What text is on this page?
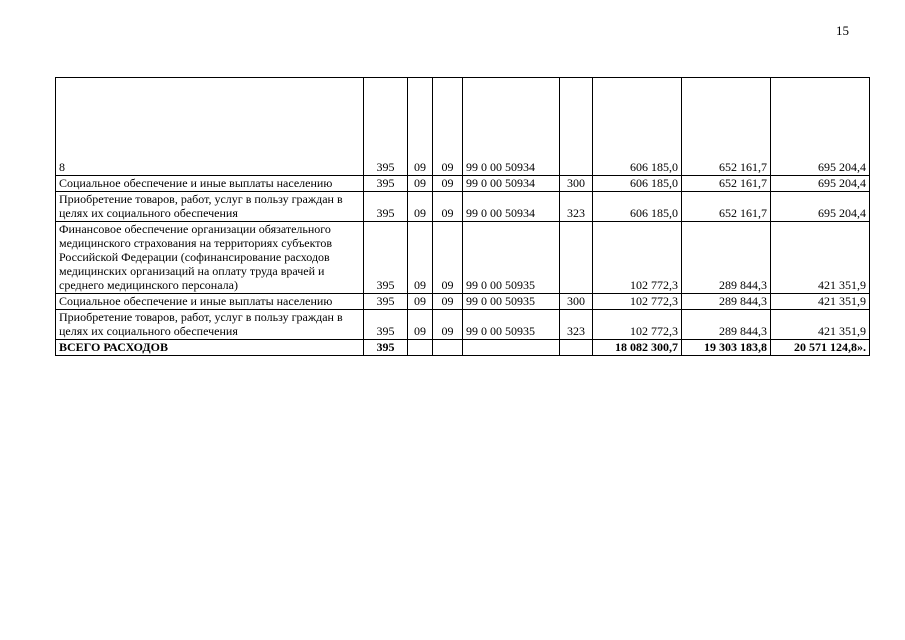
15
8	395	09	09	99 0 00 50934		606 185,0	652 161,7	695 204,4
Социальное обеспечение и иные выплаты населению	395	09	09	99 0 00 50934	300	606 185,0	652 161,7	695 204,4
Приобретение товаров, работ, услуг в пользу граждан в целях их социального обеспечения	395	09	09	99 0 00 50934	323	606 185,0	652 161,7	695 204,4
Финансовое обеспечение организации обязательного медицинского страхования на территориях субъектов Российской Федерации (софинансирование расходов медицинских организаций на оплату труда врачей и среднего медицинского персонала)	395	09	09	99 0 00 50935		102 772,3	289 844,3	421 351,9
Социальное обеспечение и иные выплаты населению	395	09	09	99 0 00 50935	300	102 772,3	289 844,3	421 351,9
Приобретение товаров, работ, услуг в пользу граждан в целях их социального обеспечения	395	09	09	99 0 00 50935	323	102 772,3	289 844,3	421 351,9
ВСЕГО РАСХОДОВ	395					18 082 300,7	19 303 183,8	20 571 124,8».
